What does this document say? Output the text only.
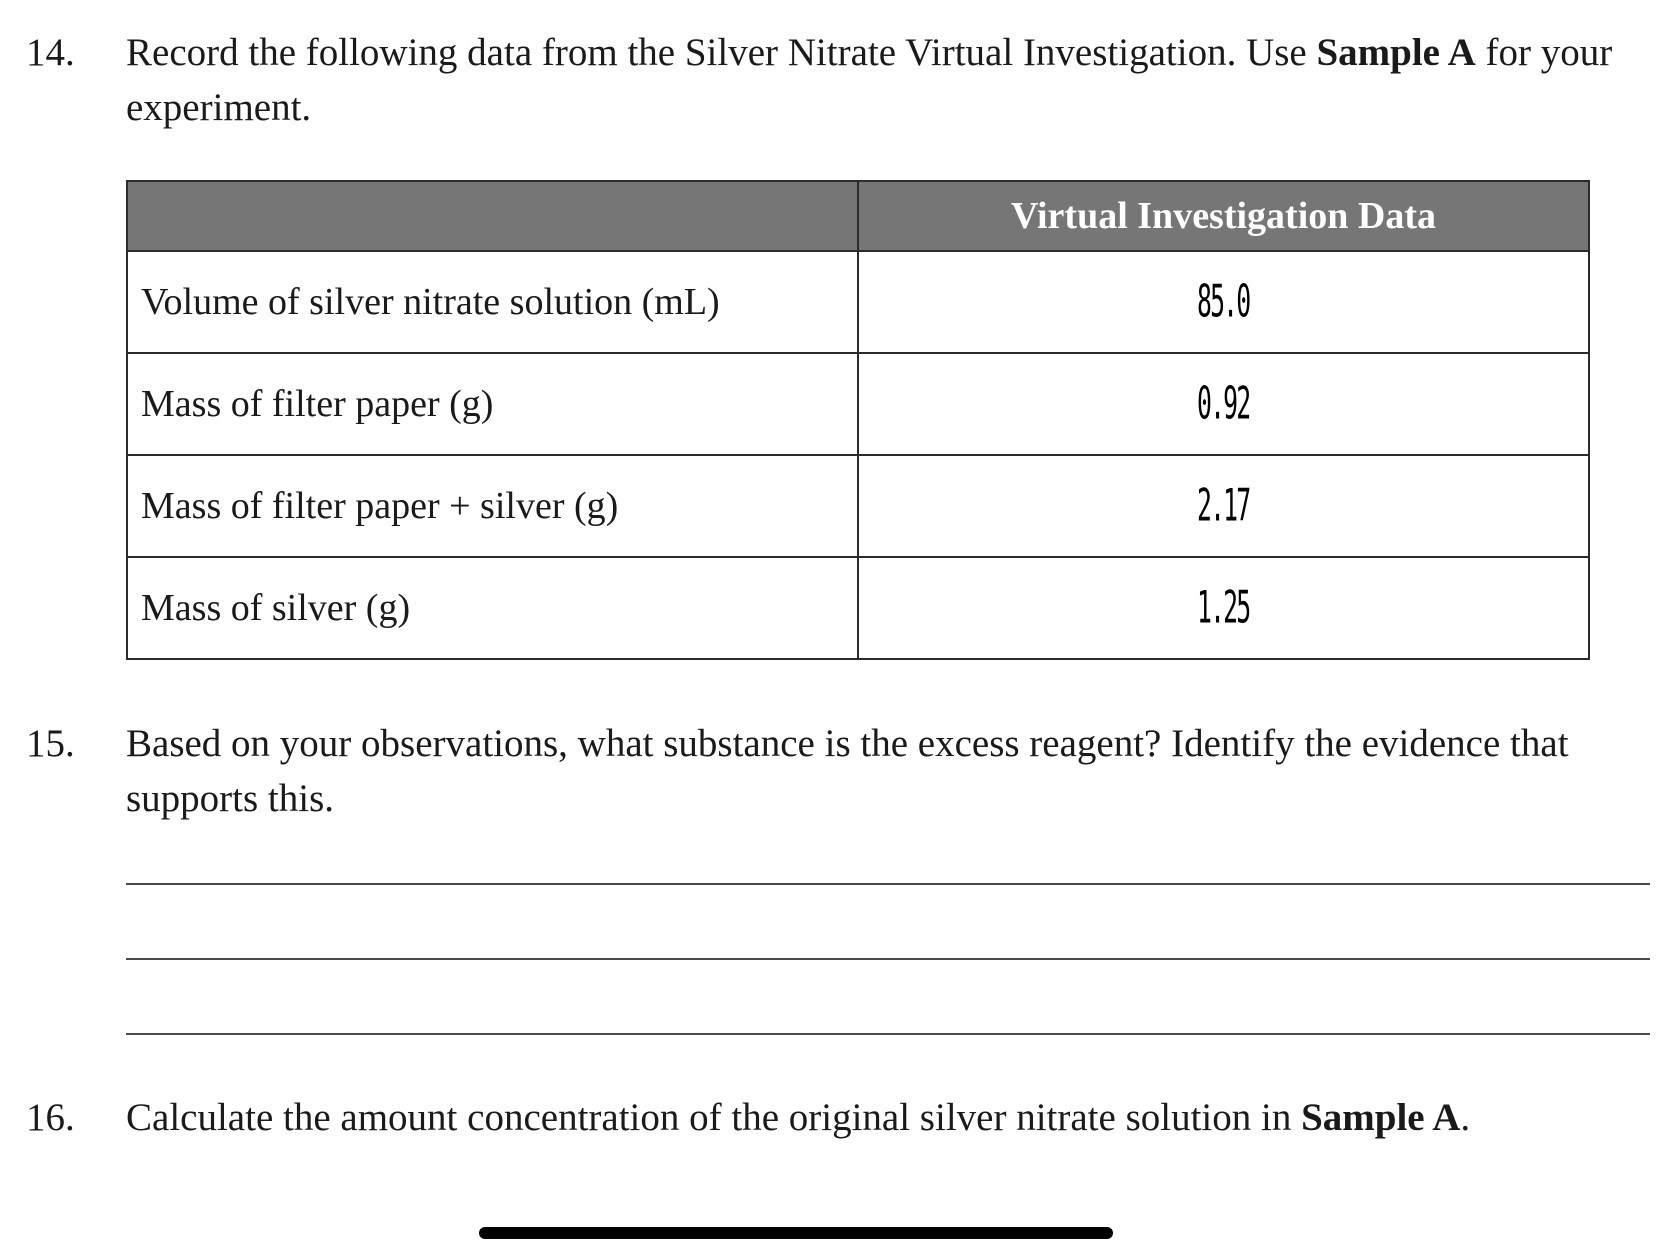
14. Record the following data from the Silver Nitrate Virtual Investigation. Use Sample A for your experiment.
	Virtual Investigation Data
Volume of silver nitrate solution (mL)	85.0
Mass of filter paper (g)	0.92
Mass of filter paper + silver (g)	2.17
Mass of silver (g)	1.25
15. Based on your observations, what substance is the excess reagent? Identify the evidence that supports this.
16. Calculate the amount concentration of the original silver nitrate solution in Sample A.
